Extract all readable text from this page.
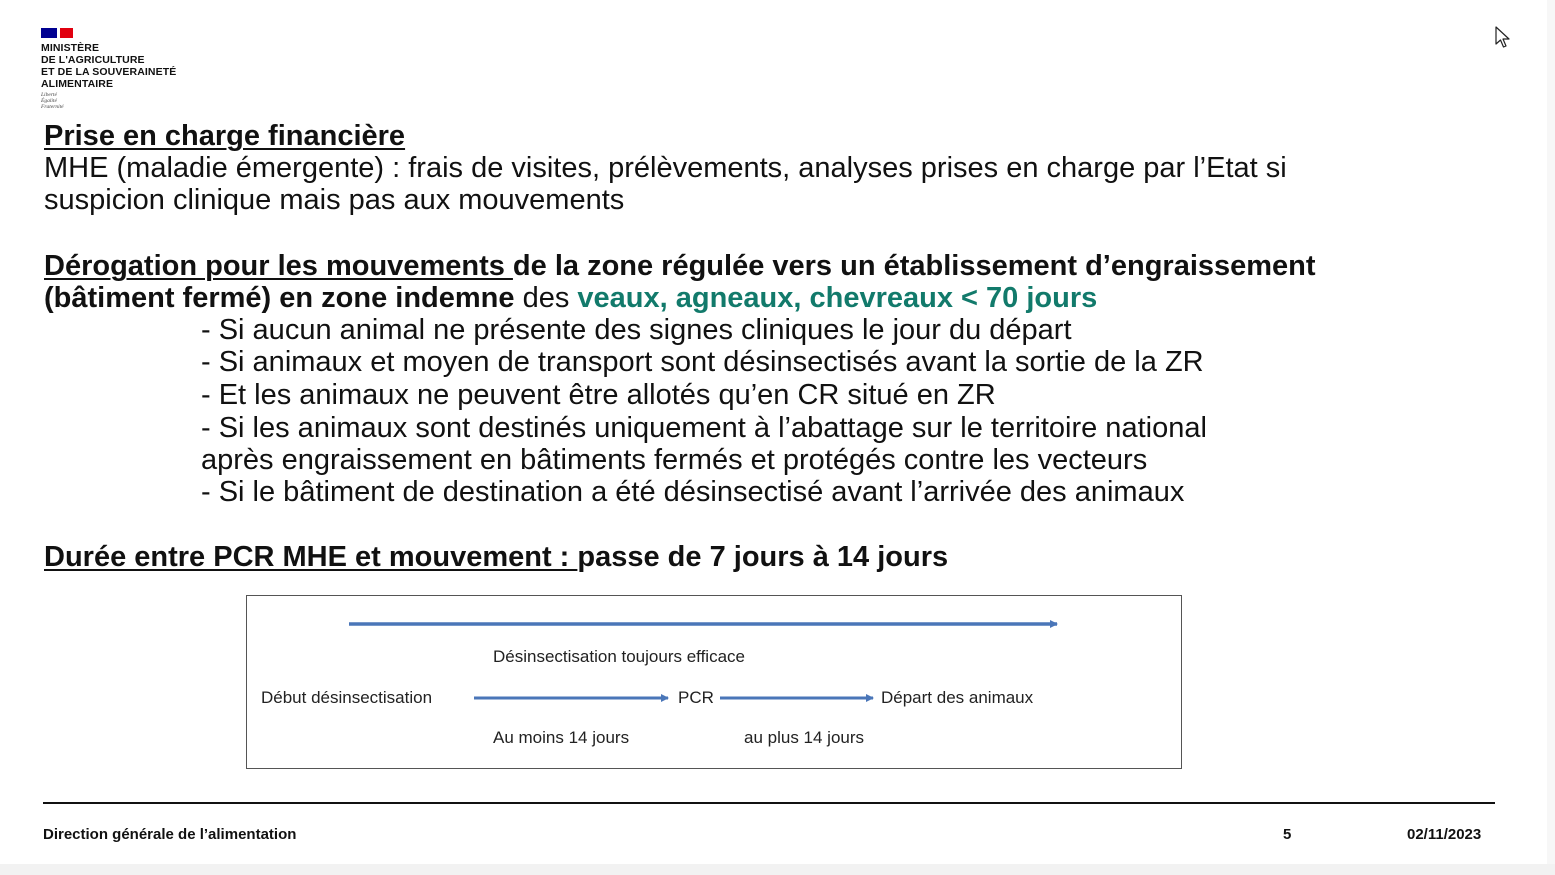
MINISTÈRE
DE L'AGRICULTURE
ET DE LA SOUVERAINETÉ
ALIMENTAIRE
Liberté
Égalité
Fraternité
Prise en charge financière
MHE (maladie émergente) : frais de visites, prélèvements, analyses prises en charge par l’Etat si
suspicion clinique mais pas aux mouvements
Dérogation pour les mouvements de la zone régulée vers un établissement d’engraissement
(bâtiment fermé) en zone indemne des veaux, agneaux, chevreaux < 70 jours
- Si aucun animal ne présente des signes cliniques le jour du départ
- Si animaux et moyen de transport sont désinsectisés avant la sortie de la ZR
- Et les animaux ne peuvent être allotés qu’en CR situé en ZR
- Si les animaux sont destinés uniquement à l’abattage sur le territoire national
après engraissement en bâtiments fermés et protégés contre les vecteurs
- Si le bâtiment de destination a été désinsectisé avant l’arrivée des animaux
Durée entre PCR MHE et mouvement : passe de 7 jours à 14 jours
Désinsectisation toujours efficace
Début désinsectisation	PCR	Départ des animaux
Au moins 14 jours	au plus 14 jours
Direction générale de l’alimentation	5	02/11/2023
